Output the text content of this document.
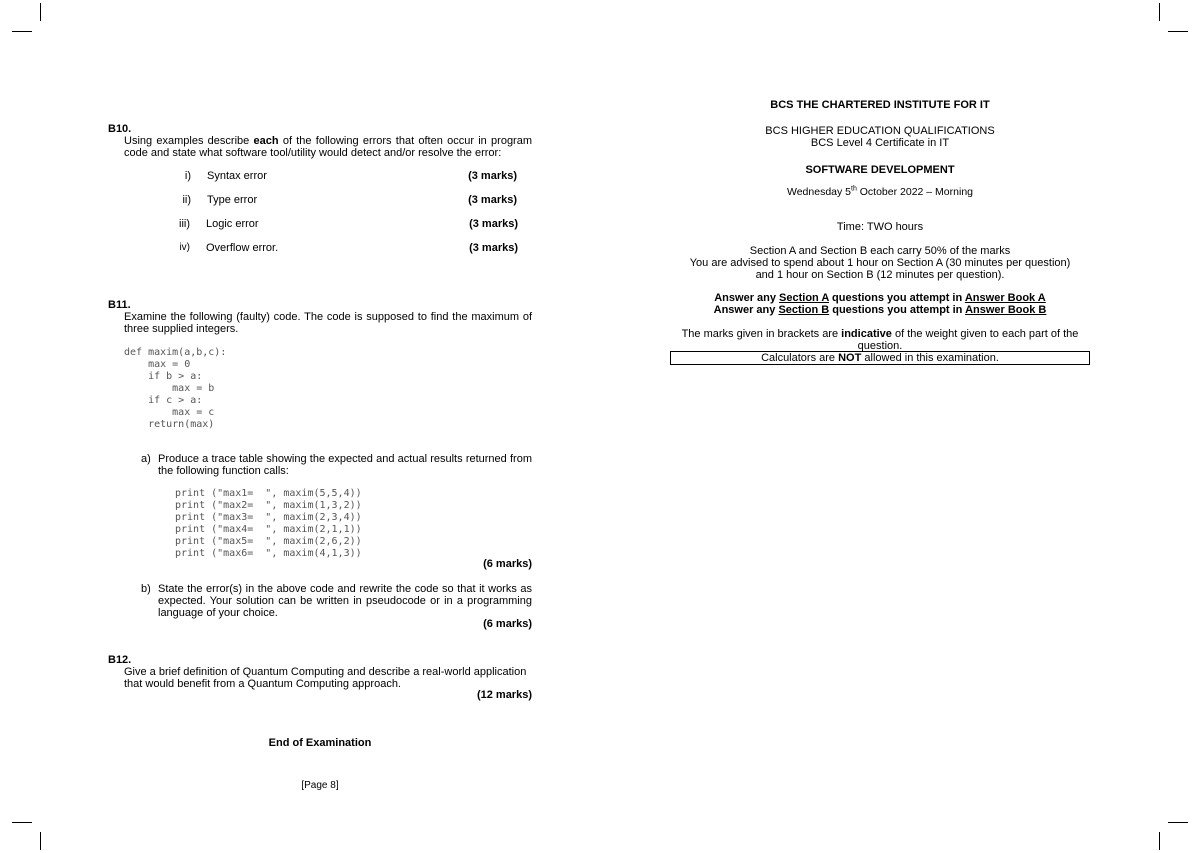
B10.
Using examples describe each of the following errors that often occur in program code and state what software tool/utility would detect and/or resolve the error:
i) Syntax error	(3 marks)
ii) Type error	(3 marks)
iii) Logic error	(3 marks)
iv) Overflow error.	(3 marks)
B11.
Examine the following (faulty) code. The code is supposed to find the maximum of three supplied integers.
def maxim(a,b,c):
max = 0
if b > a:
max = b
if c > a:
max = c
return(max)
a) Produce a trace table showing the expected and actual results returned from the following function calls:
print ("max1=  ", maxim(5,5,4))
print ("max2=  ", maxim(1,3,2))
print ("max3=  ", maxim(2,3,4))
print ("max4=  ", maxim(2,1,1))
print ("max5=  ", maxim(2,6,2))
print ("max6=  ", maxim(4,1,3))
(6 marks)
b) State the error(s) in the above code and rewrite the code so that it works as expected. Your solution can be written in pseudocode or in a programming language of your choice.
(6 marks)
B12.
Give a brief definition of Quantum Computing and describe a real-world application that would benefit from a Quantum Computing approach.
(12 marks)
End of Examination
[Page 8]
BCS THE CHARTERED INSTITUTE FOR IT
BCS HIGHER EDUCATION QUALIFICATIONS
BCS Level 4 Certificate in IT
SOFTWARE DEVELOPMENT
Wednesday 5th October 2022 – Morning
Time: TWO hours
Section A and Section B each carry 50% of the marks
You are advised to spend about 1 hour on Section A (30 minutes per question)
and 1 hour on Section B (12 minutes per question).
Answer any Section A questions you attempt in Answer Book A
Answer any Section B questions you attempt in Answer Book B
The marks given in brackets are indicative of the weight given to each part of the question.
Calculators are NOT allowed in this examination.
